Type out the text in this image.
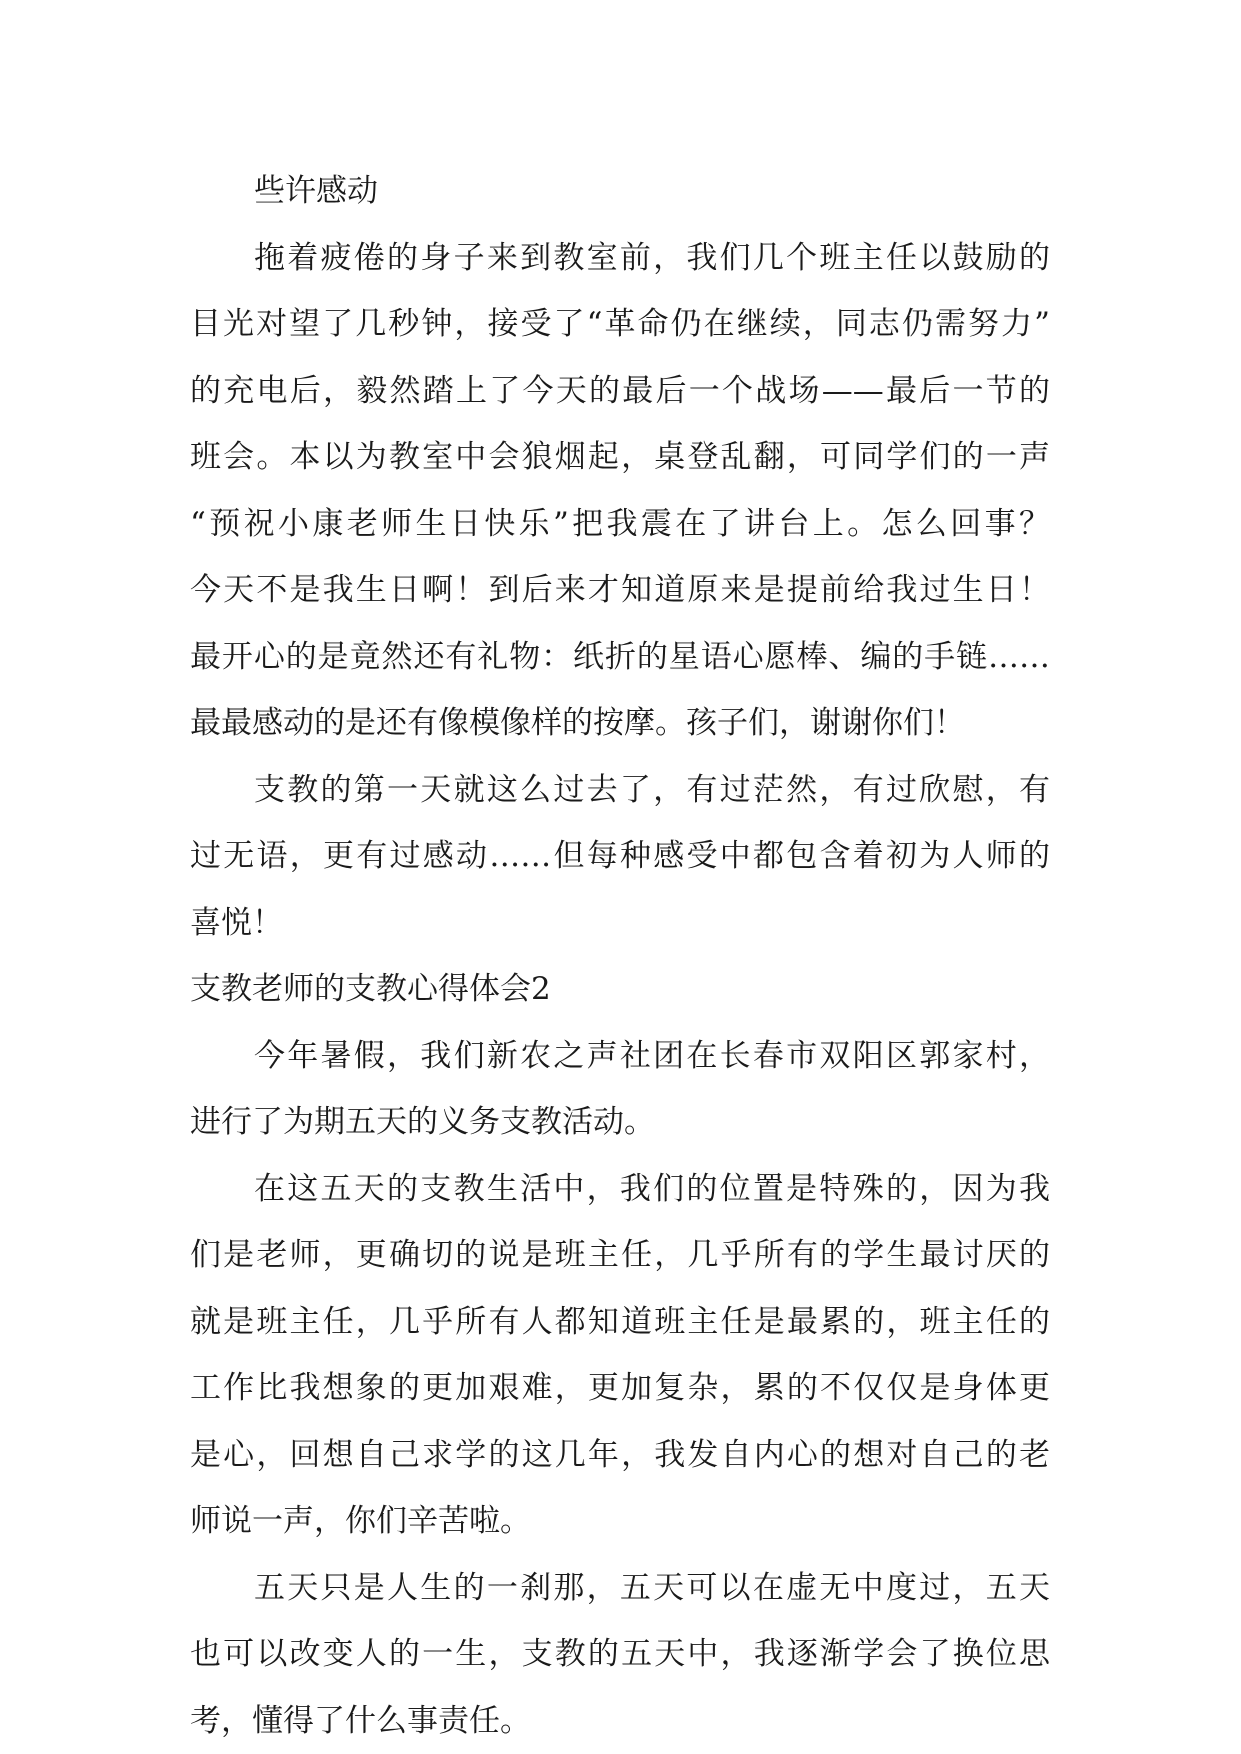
些许感动
拖着疲倦的身子来到教室前，我们几个班主任以鼓励的
目光对望了几秒钟，接受了“革命仍在继续，同志仍需努力”
的充电后，毅然踏上了今天的最后一个战场——最后一节的
班会。本以为教室中会狼烟起，桌登乱翻，可同学们的一声
“预祝小康老师生日快乐”把我震在了讲台上。怎么回事？
今天不是我生日啊！到后来才知道原来是提前给我过生日！
最开心的是竟然还有礼物：纸折的星语心愿棒、编的手链……
最最感动的是还有像模像样的按摩。孩子们，谢谢你们！
支教的第一天就这么过去了，有过茫然，有过欣慰，有
过无语，更有过感动……但每种感受中都包含着初为人师的
喜悦！
支教老师的支教心得体会2
今年暑假，我们新农之声社团在长春市双阳区郭家村，
进行了为期五天的义务支教活动。
在这五天的支教生活中，我们的位置是特殊的，因为我
们是老师，更确切的说是班主任，几乎所有的学生最讨厌的
就是班主任，几乎所有人都知道班主任是最累的，班主任的
工作比我想象的更加艰难，更加复杂，累的不仅仅是身体更
是心，回想自己求学的这几年，我发自内心的想对自己的老
师说一声，你们辛苦啦。
五天只是人生的一刹那，五天可以在虚无中度过，五天
也可以改变人的一生，支教的五天中，我逐渐学会了换位思
考，懂得了什么事责任。
